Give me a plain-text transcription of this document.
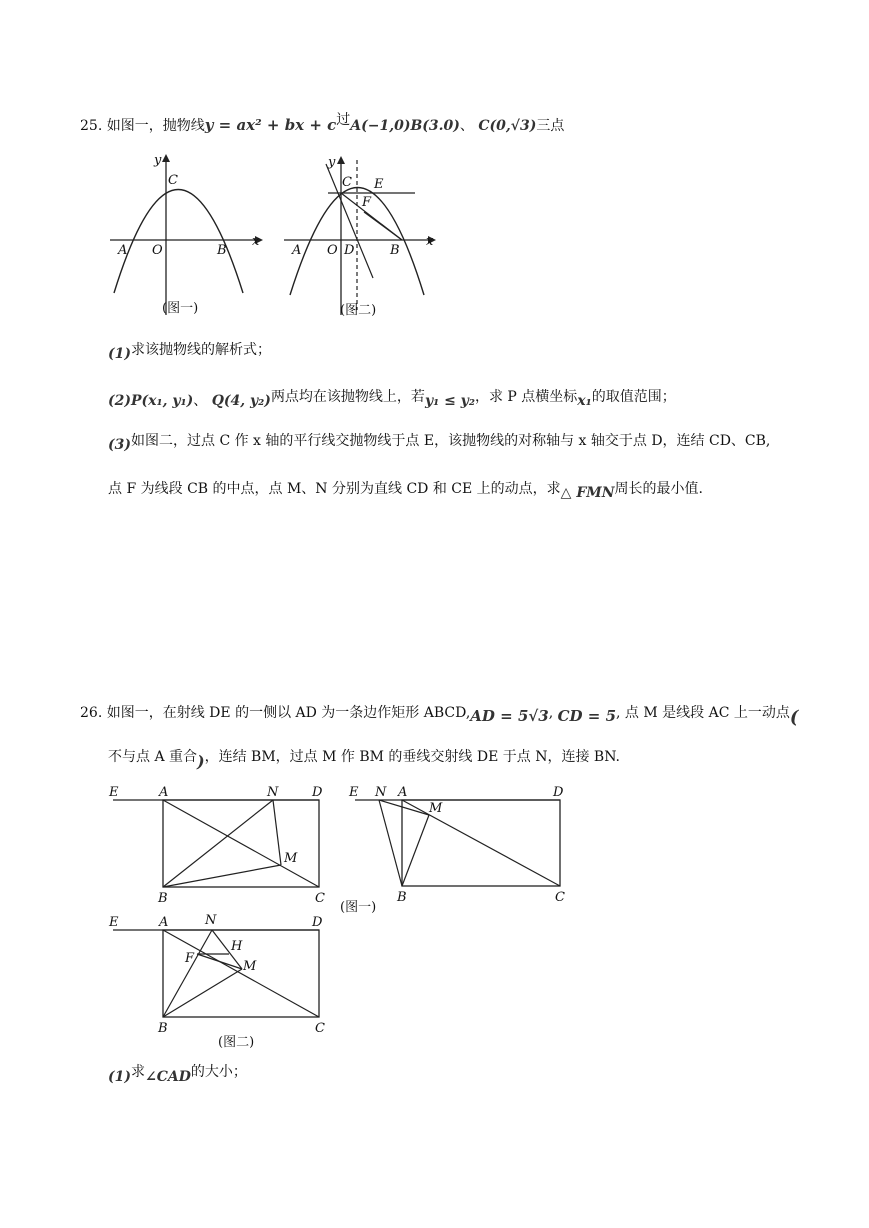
25. 如图一，抛物线y = ax² + bx + c过A(−1,0)B(3.0)、 C(0,√3)三点
y
x
C
A O	B
(图一)
y
x
C E
F
A O D	B
(图二)
(1)求该抛物线的解析式；
(2)P(x₁, y₁)、 Q(4, y₂)两点均在该抛物线上，若y₁ ≤ y₂，求 P 点横坐标x₁的取值范围；
(3)如图二，过点 C 作 x 轴的平行线交抛物线于点 E，该抛物线的对称轴与 x 轴交于点 D，连结 CD、CB,
点 F 为线段 CB 的中点，点 M、N 分别为直线 CD 和 CE 上的动点，求△ FMN周长的最小值.
26. 如图一，在射线 DE 的一侧以 AD 为一条边作矩形 ABCD,AD = 5√3, CD = 5, 点 M 是线段 AC 上一动点(
不与点 A 重合)，连结 BM，过点 M 作 BM 的垂线交射线 DE 于点 N，连接 BN.
E	A	N	D
M
B	C
E N A
M
D
B	C
(图一)
E	A	N	D
H
F
M
B	C
(图二)
(1)求∠CAD的大小；
